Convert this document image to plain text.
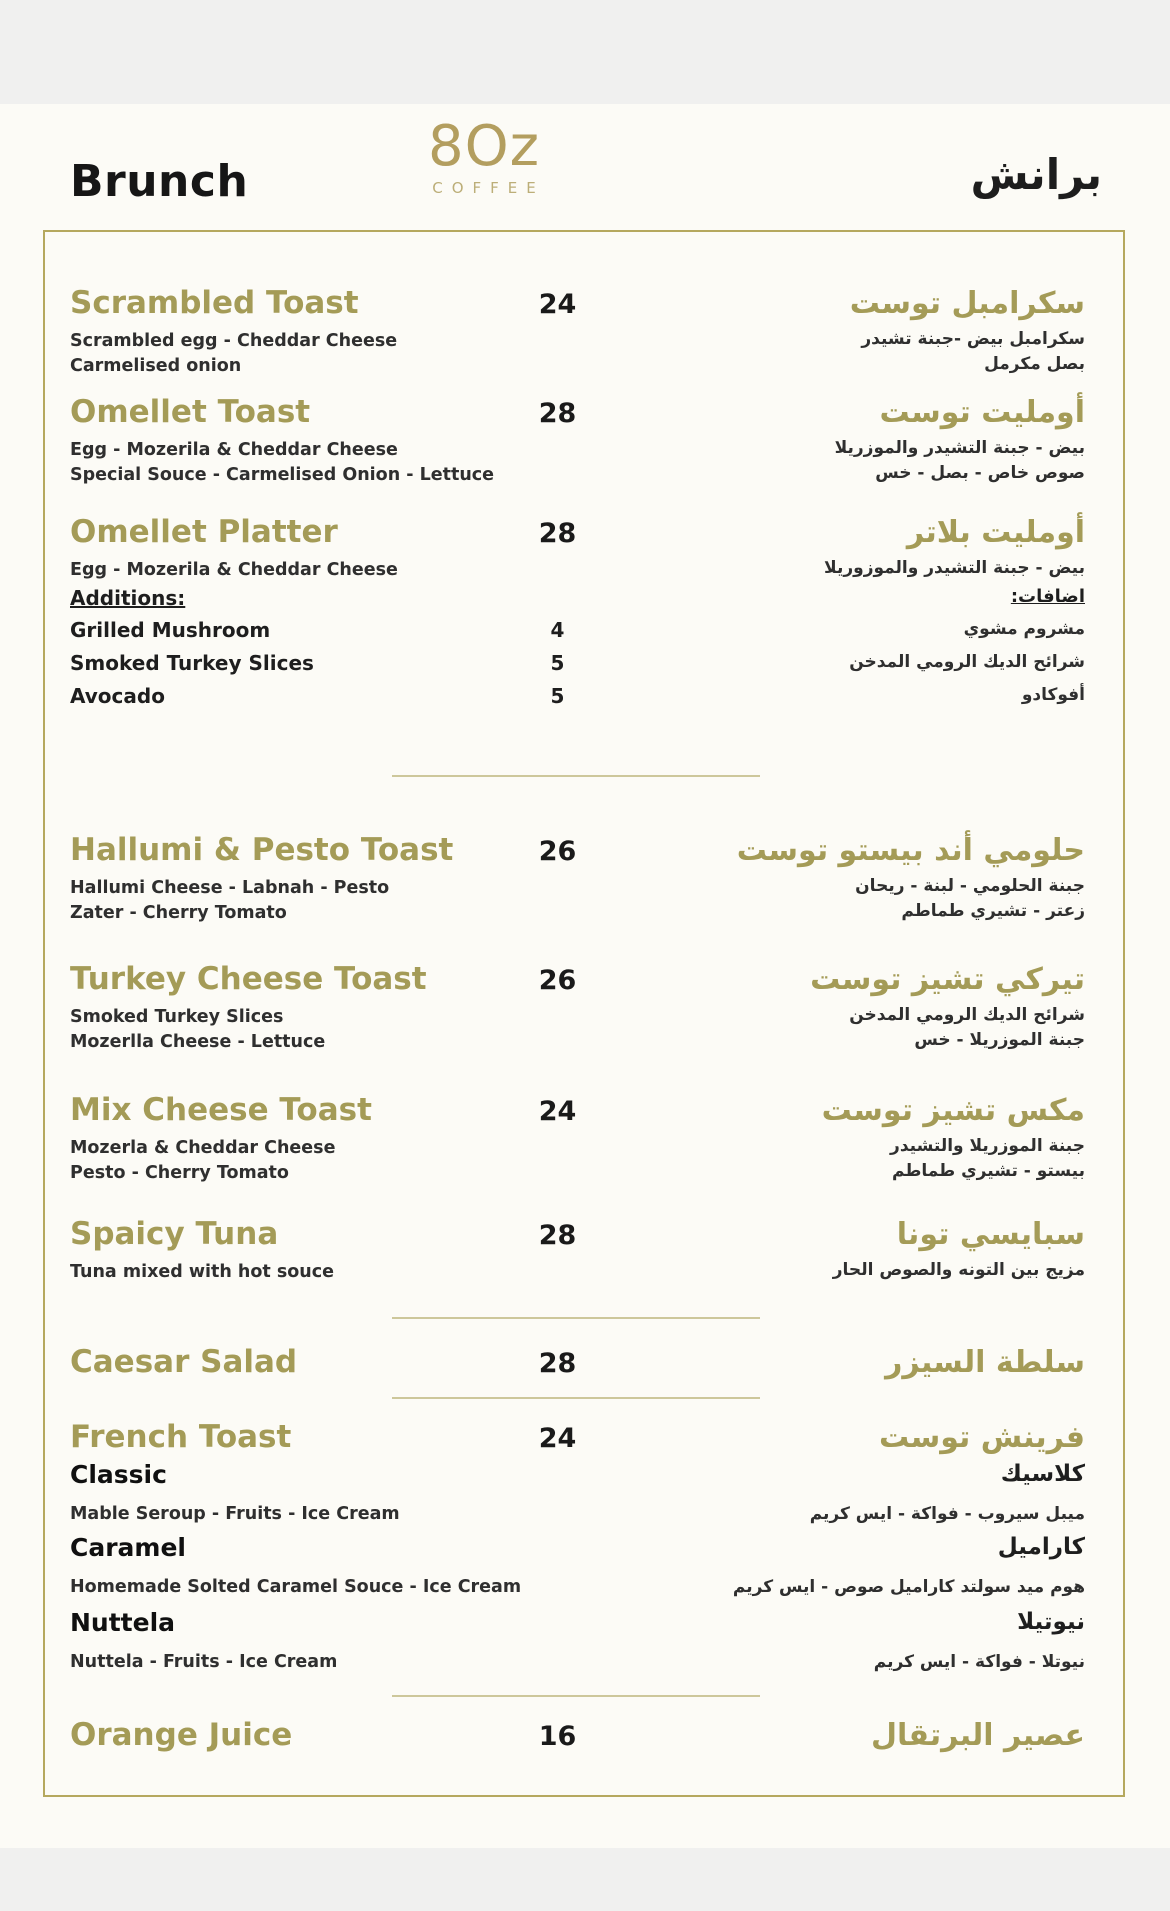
Brunch
8Oz
COFFEE	برانش
Scrambled Toast	24	سكرامبل توست
Scrambled egg - Cheddar Cheese
Carmelised onion
سكرامبل بيض -جبنة تشيدر
بصل مكرمل
Omellet Toast	28	أومليت توست
Egg - Mozerila & Cheddar Cheese
Special Souce - Carmelised Onion - Lettuce
بيض - جبنة التشيدر والموزريلا
صوص خاص - بصل - خس
Omellet Platter	28	أومليت بلاتر
Egg - Mozerila & Cheddar Cheese	بيض - جبنة التشيدر والموزوريلا
Additions:	اضافات:
Grilled Mushroom	4	مشروم مشوي
Smoked Turkey Slices	5	شرائح الديك الرومي المدخن
Avocado	5	أفوكادو
Hallumi & Pesto Toast	26	حلومي أند بيستو توست
Hallumi Cheese - Labnah - Pesto
Zater - Cherry Tomato
جبنة الحلومي - لبنة - ريحان
زعتر - تشيري طماطم
Turkey Cheese Toast	26	تيركي تشيز توست
Smoked Turkey Slices
Mozerlla Cheese - Lettuce
شرائح الديك الرومي المدخن
جبنة الموزريلا - خس
Mix Cheese Toast	24	مكس تشيز توست
Mozerla & Cheddar Cheese
Pesto - Cherry Tomato
جبنة الموزريلا والتشيدر
بيستو - تشيري طماطم
Spaicy Tuna	28	سبايسي تونا
Tuna mixed with hot souce	مزيج بين التونه والصوص الحار
Caesar Salad	28	سلطة السيزر
French Toast	24	فرينش توست
Classic	كلاسيك
Mable Seroup - Fruits - Ice Cream	ميبل سيروب - فواكة - ايس كريم
Caramel	كاراميل
Homemade Solted Caramel Souce - Ice Cream	هوم ميد سولتد كاراميل صوص - ايس كريم
Nuttela	نيوتيلا
Nuttela - Fruits - Ice Cream	نيوتلا - فواكة - ايس كريم
Orange Juice	16	عصير البرتقال
